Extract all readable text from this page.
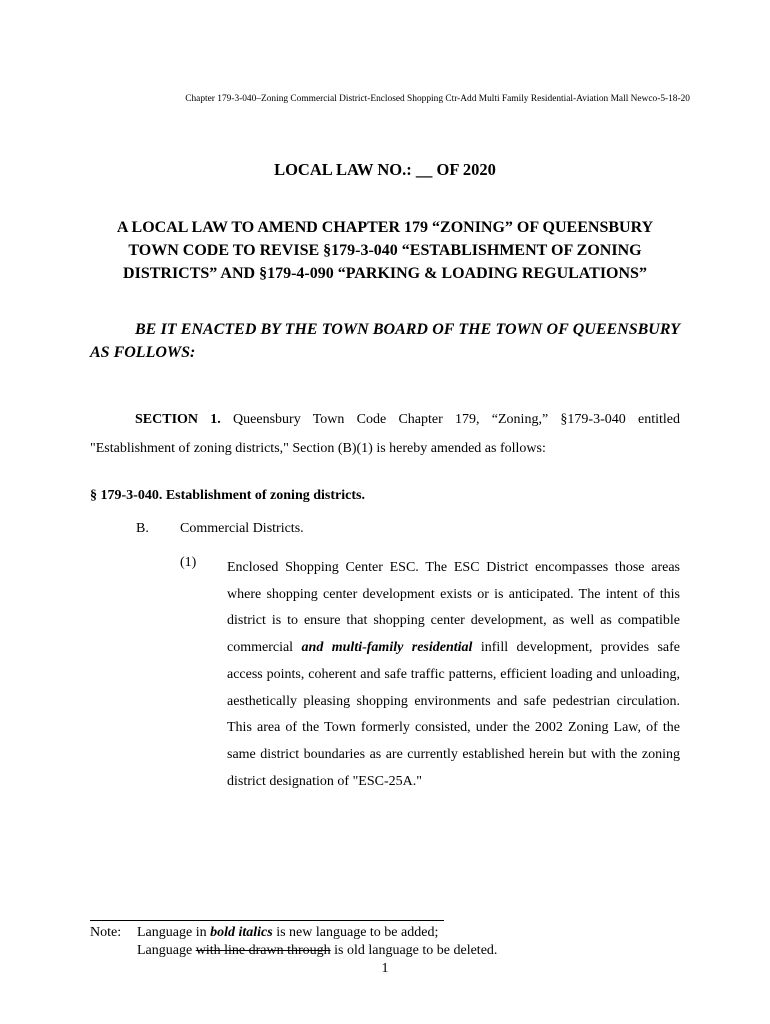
Chapter 179-3-040–Zoning Commercial District-Enclosed Shopping Ctr-Add Multi Family Residential-Aviation Mall Newco-5-18-20
LOCAL LAW NO.: __ OF 2020
A LOCAL LAW TO AMEND CHAPTER 179 “ZONING” OF QUEENSBURY
TOWN CODE TO REVISE §179-3-040 “ESTABLISHMENT OF ZONING
DISTRICTS” AND §179-4-090 “PARKING & LOADING REGULATIONS”
BE IT ENACTED BY THE TOWN BOARD OF THE TOWN OF QUEENSBURY AS FOLLOWS:
SECTION 1. Queensbury Town Code Chapter 179, “Zoning,” §179-3-040 entitled "Establishment of zoning districts," Section (B)(1) is hereby amended as follows:
§ 179-3-040. Establishment of zoning districts.
B. Commercial Districts.
(1) Enclosed Shopping Center ESC. The ESC District encompasses those areas where shopping center development exists or is anticipated. The intent of this district is to ensure that shopping center development, as well as compatible commercial and multi-family residential infill development, provides safe access points, coherent and safe traffic patterns, efficient loading and unloading, aesthetically pleasing shopping environments and safe pedestrian circulation. This area of the Town formerly consisted, under the 2002 Zoning Law, of the same district boundaries as are currently established herein but with the zoning district designation of "ESC-25A."
Note: Language in bold italics is new language to be added;
Language with line drawn through is old language to be deleted.
1
